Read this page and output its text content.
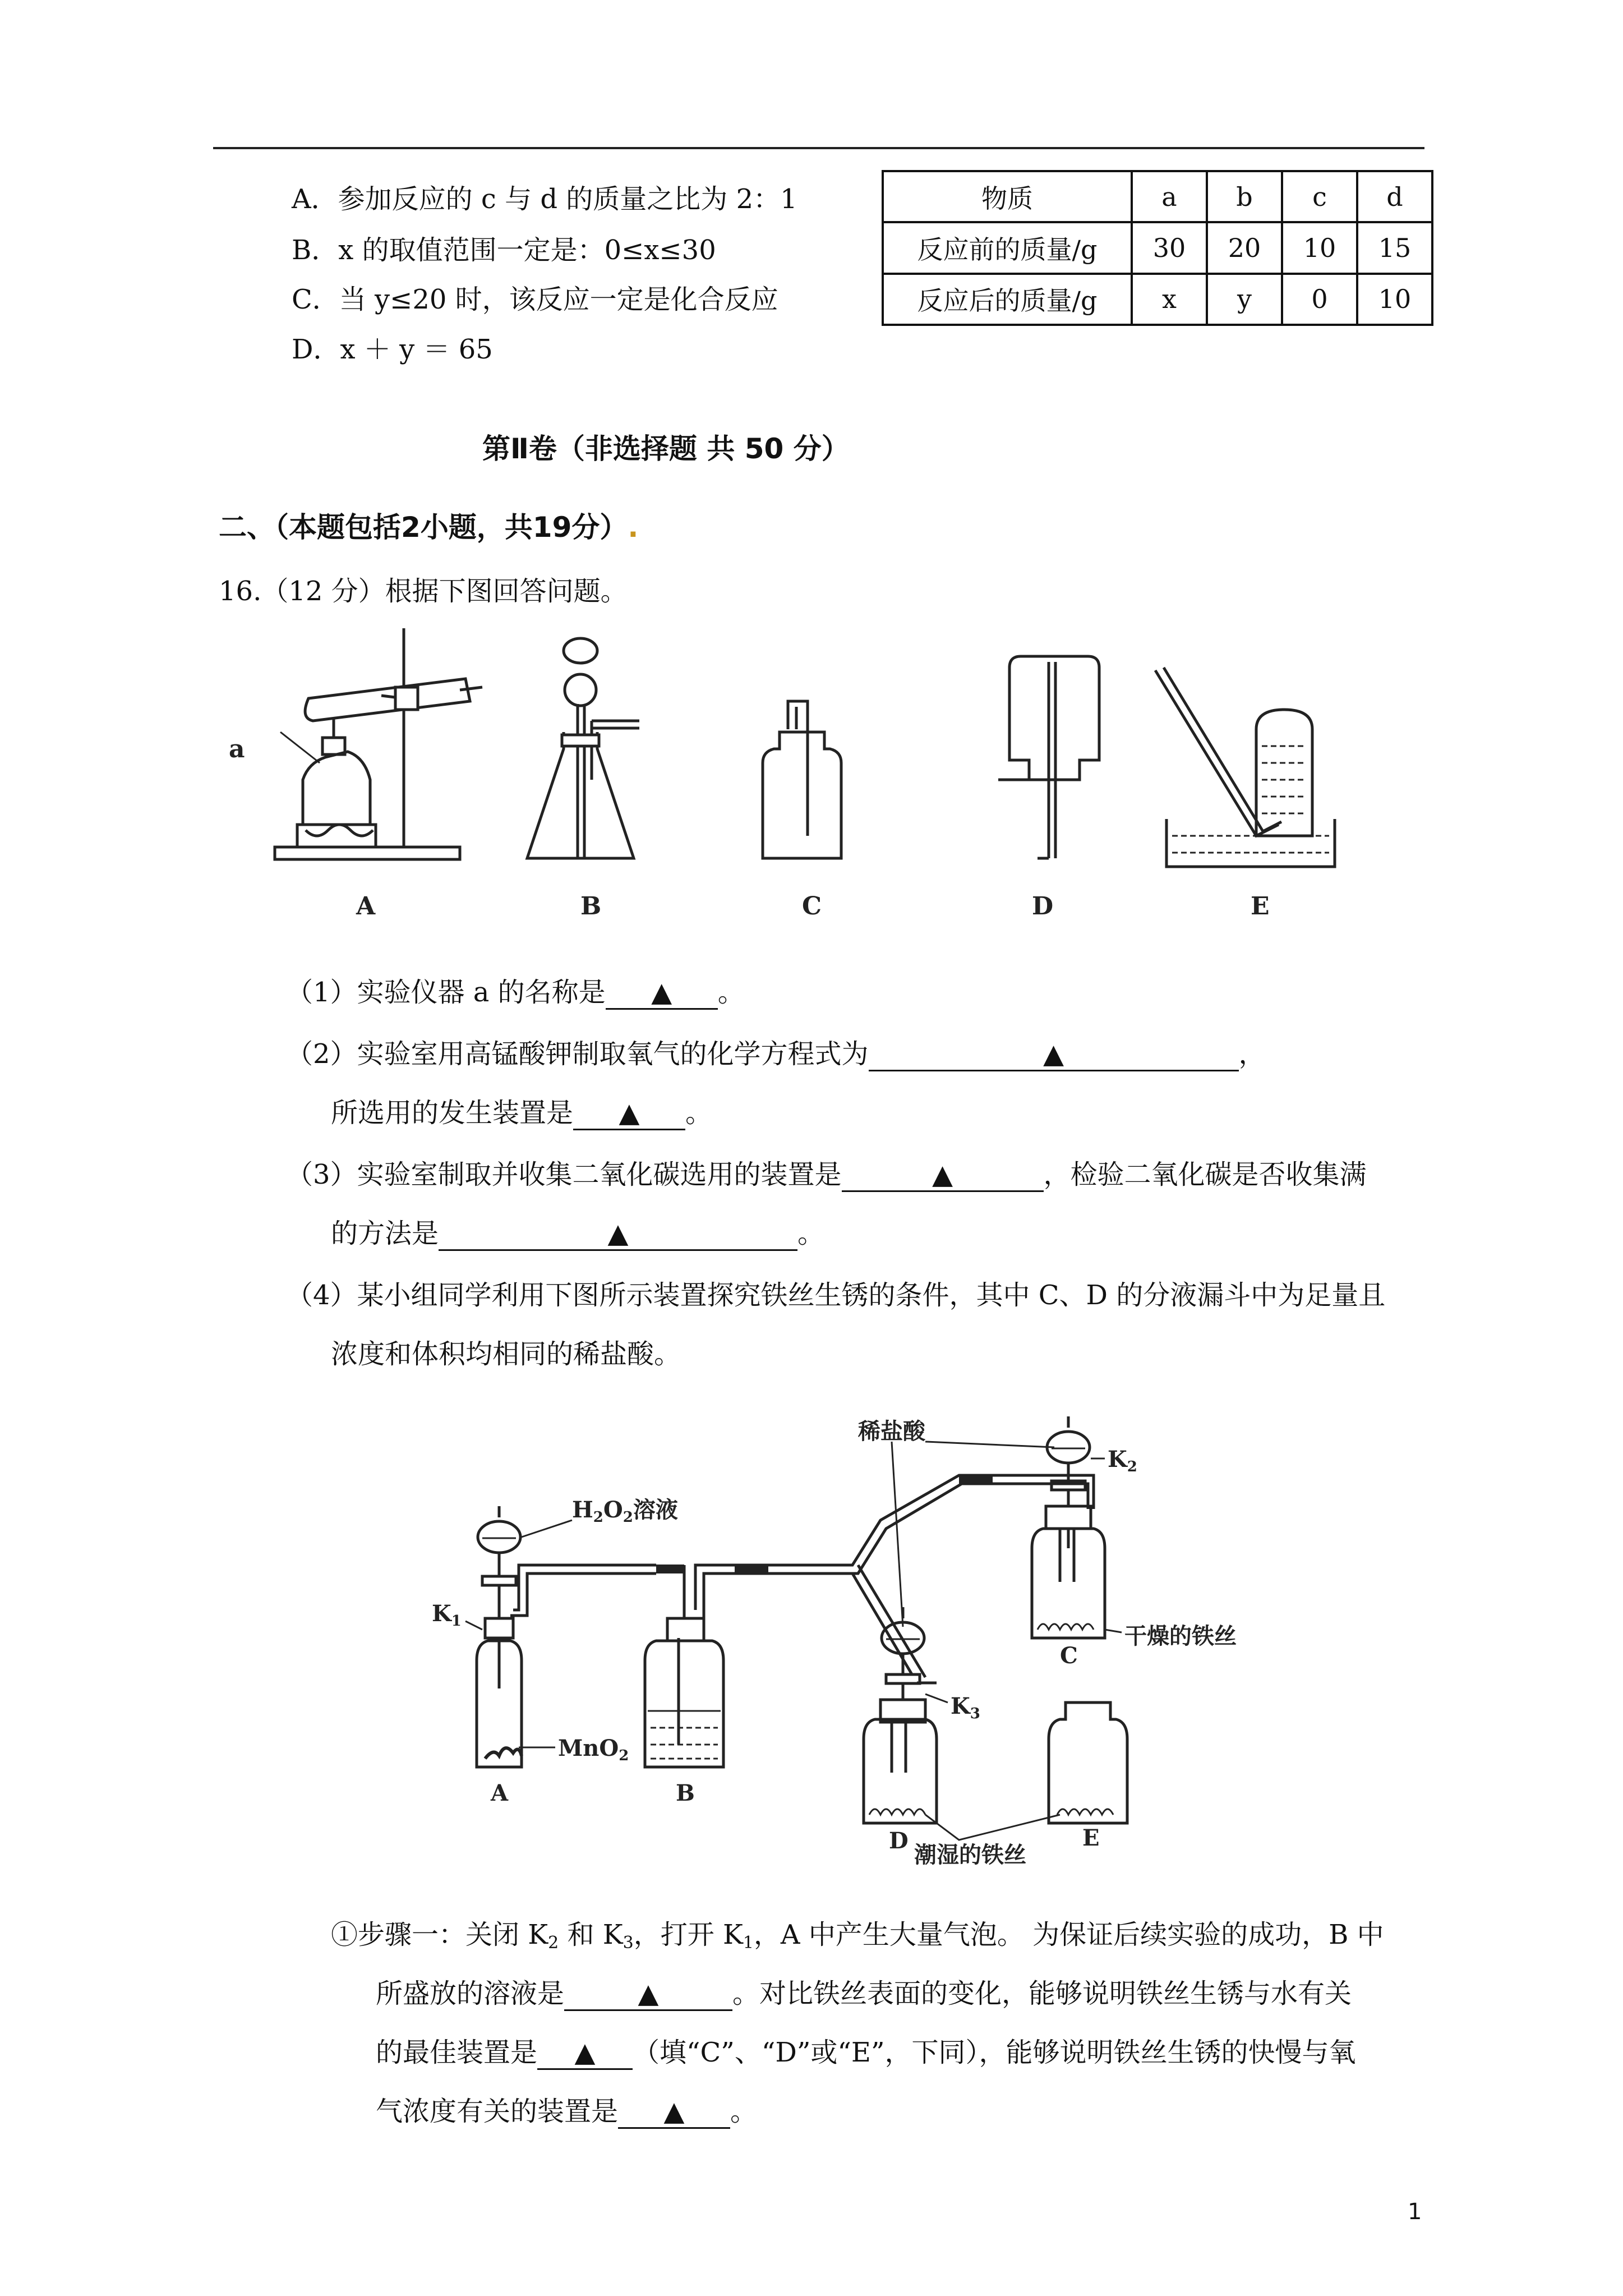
A．参加反应的 c 与 d 的质量之比为 2：1
B．x 的取值范围一定是：0≤x≤30
C．当 y≤20 时，该反应一定是化合反应
D．x ＋ y ＝ 65
物质	a	b	c	d
反应前的质量/g	30	20	10	15
反应后的质量/g	x	y	0	10
第Ⅱ卷（非选择题 共 50 分）
二、（本题包括2小题，共19分）.
16.（12 分）根据下图回答问题。
a
A	B	C	D	E
（1）实验仪器 a 的名称是 ▲ 。
（2）实验室用高锰酸钾制取氧气的化学方程式为	▲	，
所选用的发生装置是 ▲ 。
（3）实验室制取并收集二氧化碳选用的装置是	▲	，检验二氧化碳是否收集满
的方法是	▲	。
（4）某小组同学利用下图所示装置探究铁丝生锈的条件，其中 C、D 的分液漏斗中为足量且
浓度和体积均相同的稀盐酸。
$H_2O_2$溶液
$K_1$
MnO$_2$
稀盐酸
$K_2$
干燥的铁丝
$K_3$
潮湿的铁丝
A	B
C
D	E
①步骤一：关闭 $K_2$ 和 $K_3$，打开 $K_1$，A 中产生大量气泡。 为保证后续实验的成功，B 中
所盛放的溶液是	▲	。对比铁丝表面的变化，能够说明铁丝生锈与水有关
的最佳装置是 ▲ （填“C”、“D”或“E”，下同），能够说明铁丝生锈的快慢与氧
气浓度有关的装置是 ▲ 。
1
